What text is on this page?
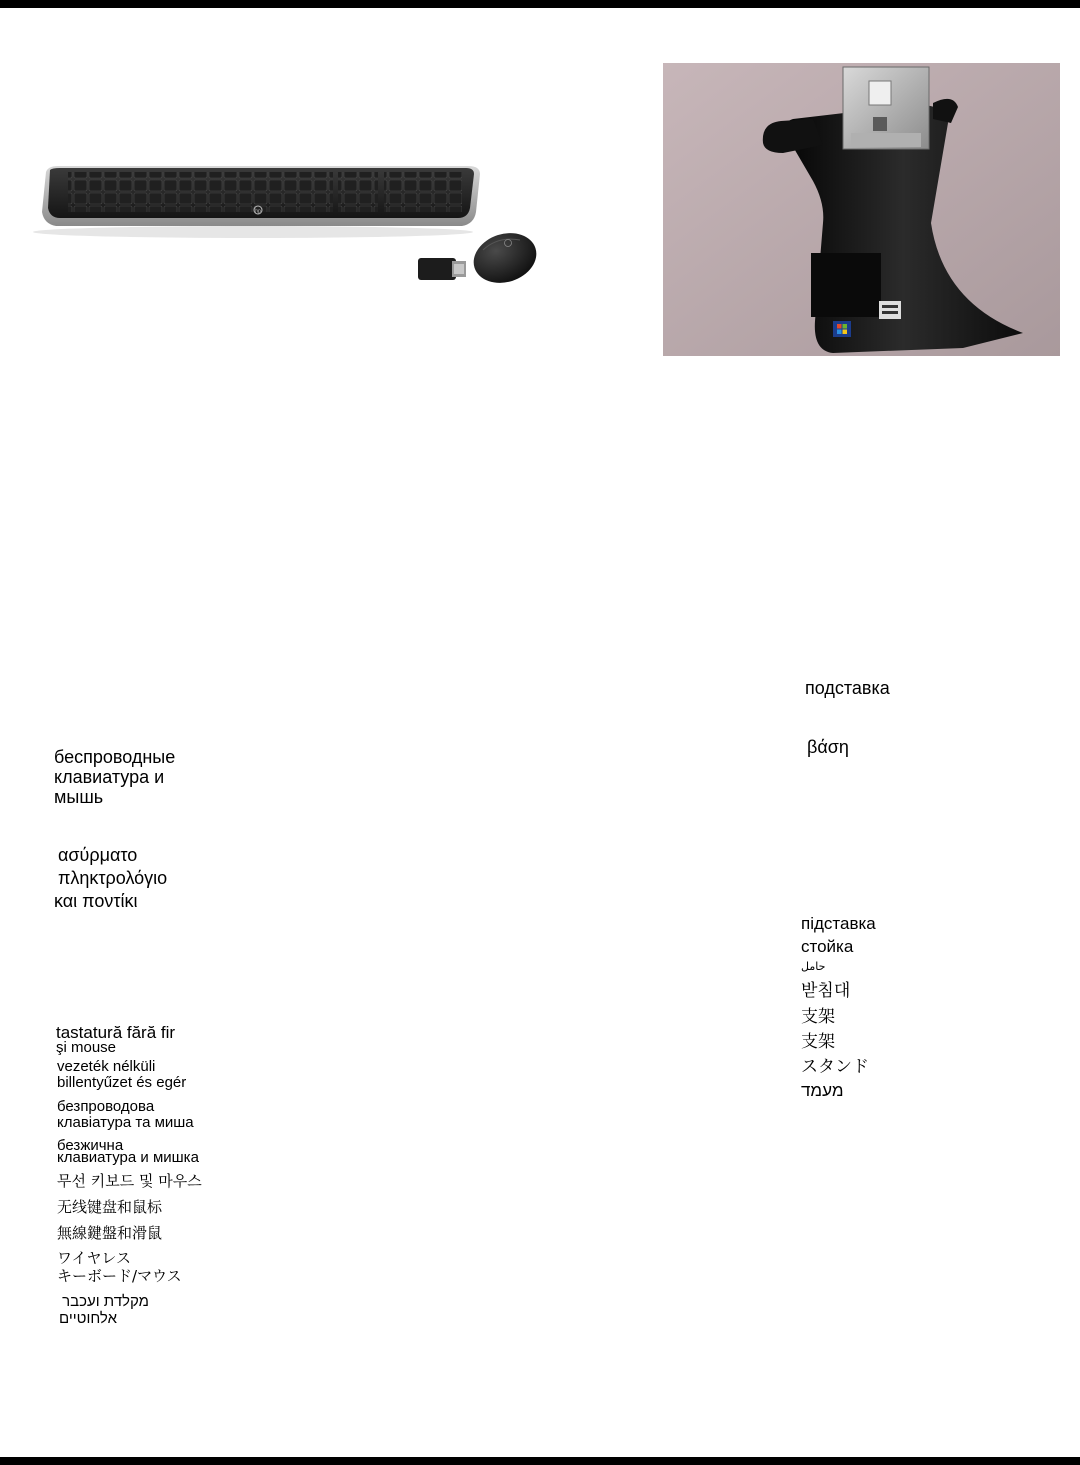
hp
подставка
βάση
підставка
стойка
حامل
받침대
支架
支架
スタンド
מעמד
беспроводные
клавиатура и
мышь
ασύρματο
πληκτρολόγιο
και ποντίκι
tastatură fără fir
şi mouse
vezeték nélküli
billentyűzet és egér
безпроводова
клавіатура та миша
безжична
клавиатура и мишка
무선 키보드 및 마우스
无线键盘和鼠标
無線鍵盤和滑鼠
ワイヤレス
キーボード/マウス
מקלדת ועכבר
אלחוטיים
